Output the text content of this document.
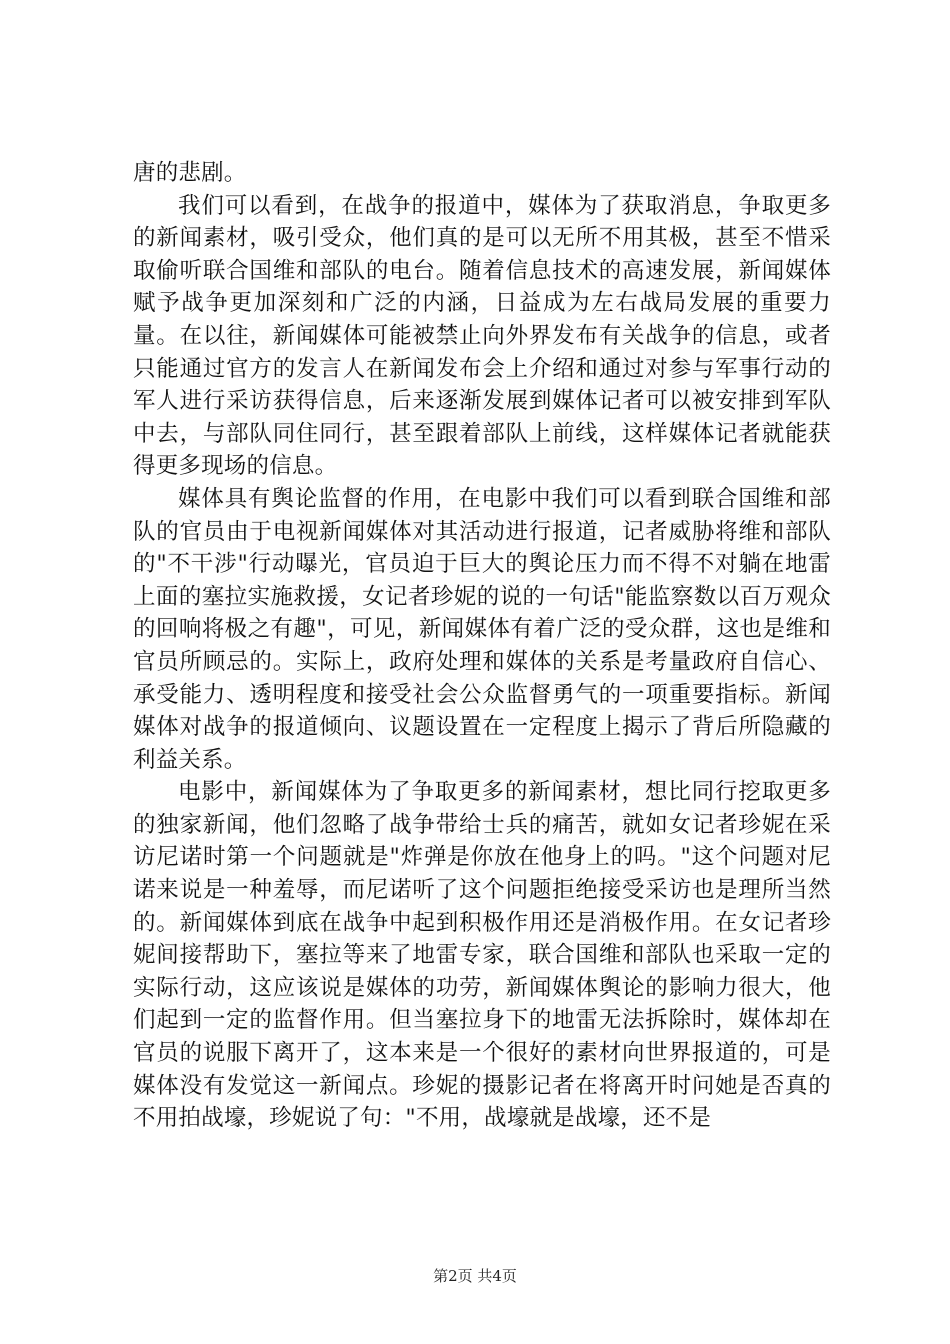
唐的悲剧。

我们可以看到，在战争的报道中，媒体为了获取消息，争取更多的新闻素材，吸引受众，他们真的是可以无所不用其极，甚至不惜采取偷听联合国维和部队的电台。随着信息技术的高速发展，新闻媒体赋予战争更加深刻和广泛的内涵，日益成为左右战局发展的重要力量。在以往，新闻媒体可能被禁止向外界发布有关战争的信息，或者只能通过官方的发言人在新闻发布会上介绍和通过对参与军事行动的军人进行采访获得信息，后来逐渐发展到媒体记者可以被安排到军队中去，与部队同住同行，甚至跟着部队上前线，这样媒体记者就能获得更多现场的信息。

媒体具有舆论监督的作用，在电影中我们可以看到联合国维和部队的官员由于电视新闻媒体对其活动进行报道，记者威胁将维和部队的"不干涉"行动曝光，官员迫于巨大的舆论压力而不得不对躺在地雷上面的塞拉实施救援，女记者珍妮的说的一句话"能监察数以百万观众的回响将极之有趣"，可见，新闻媒体有着广泛的受众群，这也是维和官员所顾忌的。实际上，政府处理和媒体的关系是考量政府自信心、承受能力、透明程度和接受社会公众监督勇气的一项重要指标。新闻媒体对战争的报道倾向、议题设置在一定程度上揭示了背后所隐藏的利益关系。

电影中，新闻媒体为了争取更多的新闻素材，想比同行挖取更多的独家新闻，他们忽略了战争带给士兵的痛苦，就如女记者珍妮在采访尼诺时第一个问题就是"炸弹是你放在他身上的吗。"这个问题对尼诺来说是一种羞辱，而尼诺听了这个问题拒绝接受采访也是理所当然的。新闻媒体到底在战争中起到积极作用还是消极作用。在女记者珍妮间接帮助下，塞拉等来了地雷专家，联合国维和部队也采取一定的实际行动，这应该说是媒体的功劳，新闻媒体舆论的影响力很大，他们起到一定的监督作用。但当塞拉身下的地雷无法拆除时，媒体却在官员的说服下离开了，这本来是一个很好的素材向世界报道的，可是媒体没有发觉这一新闻点。珍妮的摄影记者在将离开时问她是否真的不用拍战壕，珍妮说了句："不用，战壕就是战壕，还不是

第2页 共4页
